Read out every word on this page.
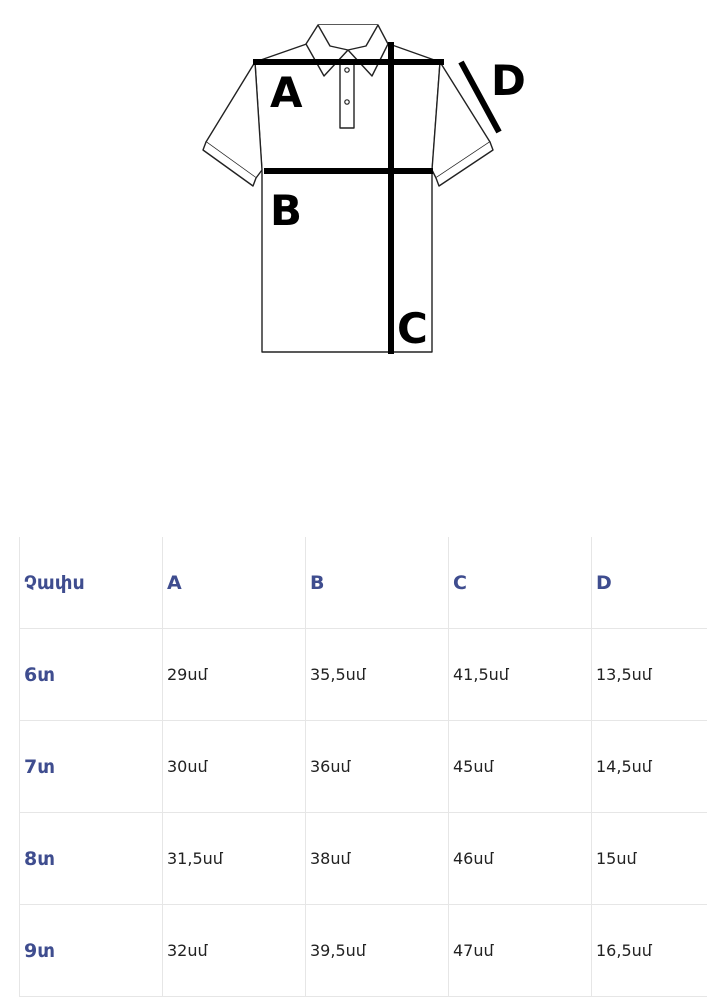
A
B
C
D
Չափս	A	B	C	D
6տ	29սմ	35,5սմ	41,5սմ	13,5սմ
7տ	30սմ	36սմ	45սմ	14,5սմ
8տ	31,5սմ	38սմ	46սմ	15սմ
9տ	32սմ	39,5սմ	47սմ	16,5սմ
